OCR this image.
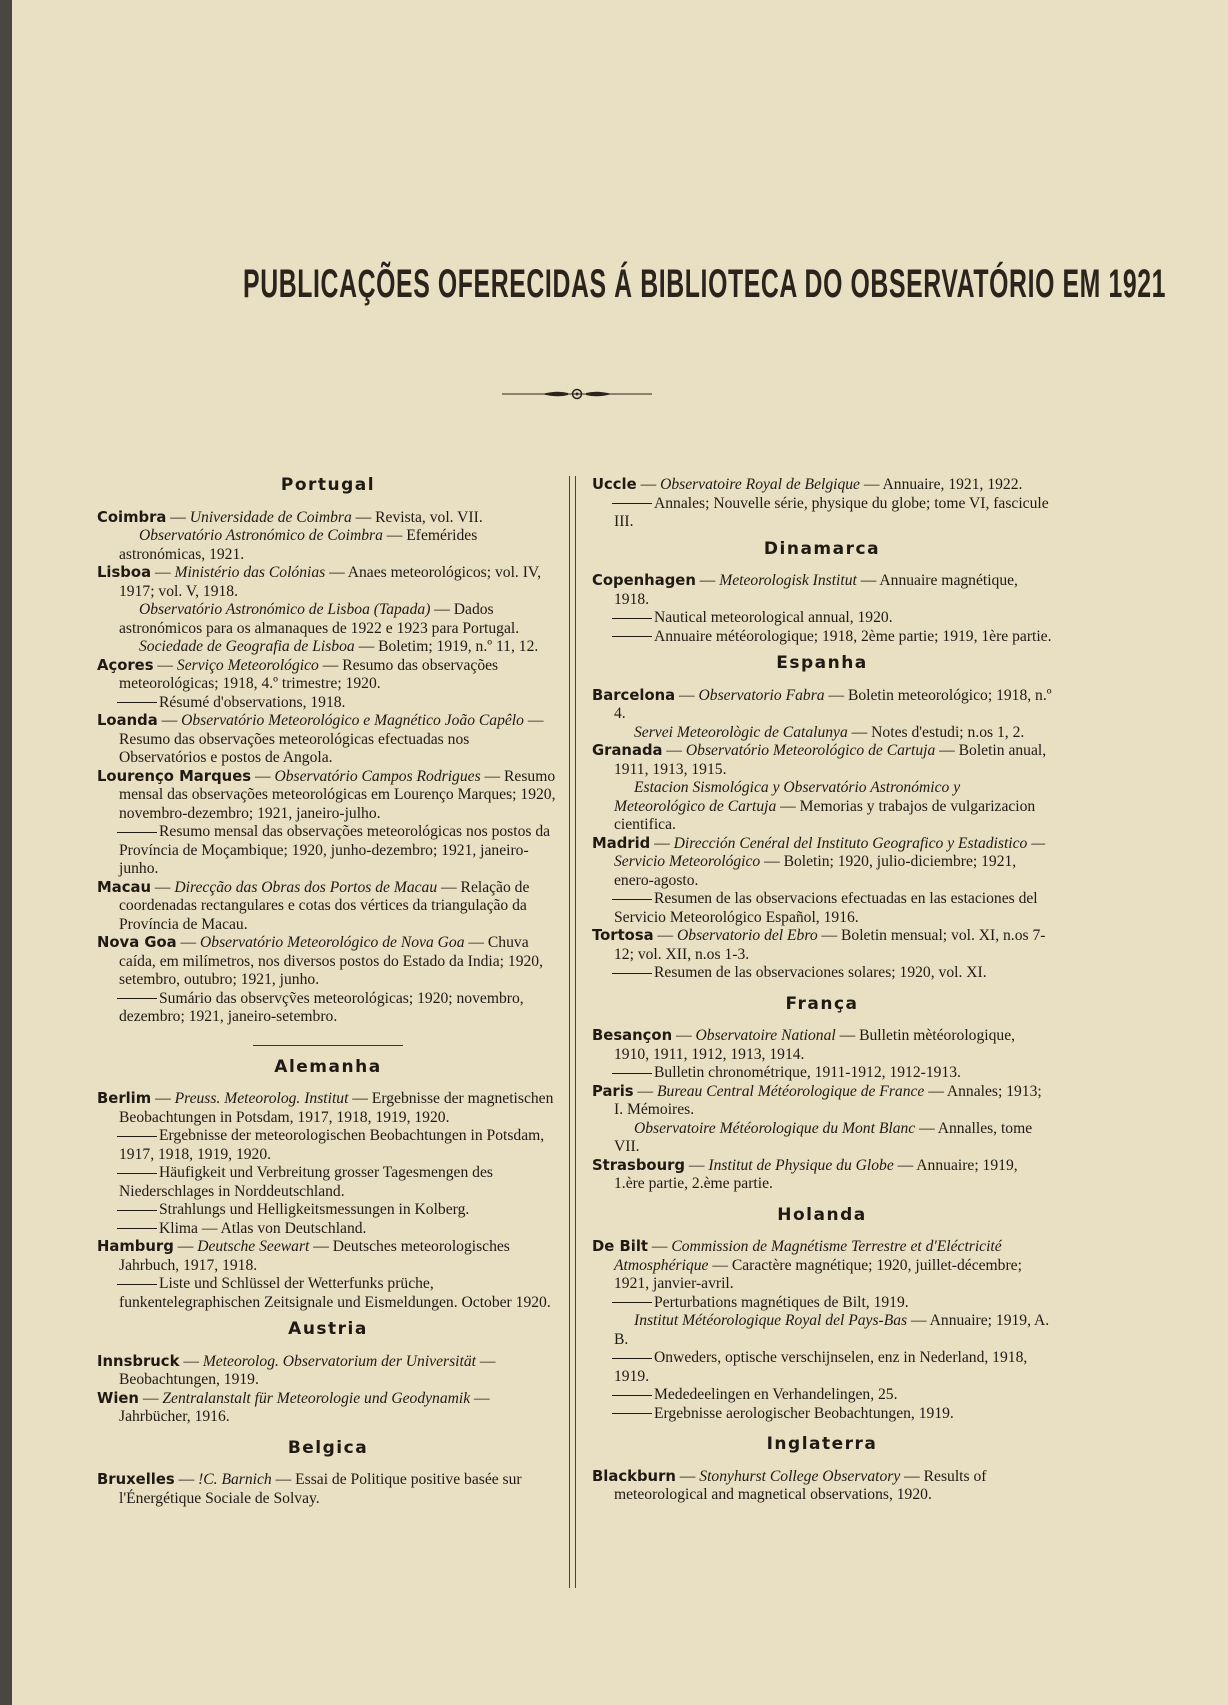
PUBLICAÇÕES OFERECIDAS Á BIBLIOTECA DO OBSERVATÓRIO EM 1921
Portugal

Coimbra — Universidade de Coimbra — Revista, vol. VII.

Observatório Astronómico de Coimbra — Efemérides astronómicas, 1921.

Lisboa — Ministério das Colónias — Anaes meteorológicos; vol. IV, 1917; vol. V, 1918.

Observatório Astronómico de Lisboa (Tapada) — Dados astronómicos para os almanaques de 1922 e 1923 para Portugal.

Sociedade de Geografia de Lisboa — Boletim; 1919, n.º 11, 12.

Açores — Serviço Meteorológico — Resumo das observações meteorológicas; 1918, 4.º trimestre; 1920.

Résumé d'observations, 1918.

Loanda — Observatório Meteorológico e Magnético João Capêlo — Resumo das observações meteorológicas efectuadas nos Observatórios e postos de Angola.

Lourenço Marques — Observatório Campos Rodrigues — Resumo mensal das observações meteorológicas em Lourenço Marques; 1920, novembro-dezembro; 1921, janeiro-julho.

Resumo mensal das observações meteorológicas nos postos da Província de Moçambique; 1920, junho-dezembro; 1921, janeiro-junho.

Macau — Direcção das Obras dos Portos de Macau — Relação de coordenadas rectangulares e cotas dos vértices da triangulação da Província de Macau.

Nova Goa — Observatório Meteorológico de Nova Goa — Chuva caída, em milímetros, nos diversos postos do Estado da India; 1920, setembro, outubro; 1921, junho.

Sumário das observçṽes meteorológicas; 1920; novembro, dezembro; 1921, janeiro-setembro.

Alemanha

Berlim — Preuss. Meteorolog. Institut — Ergebnisse der magnetischen Beobachtungen in Potsdam, 1917, 1918, 1919, 1920.

Ergebnisse der meteorologischen Beobachtungen in Potsdam, 1917, 1918, 1919, 1920.

Häufigkeit und Verbreitung grosser Tagesmengen des Niederschlages in Norddeutschland.

Strahlungs und Helligkeitsmessungen in Kolberg.

Klima — Atlas von Deutschland.

Hamburg — Deutsche Seewart — Deutsches meteorologisches Jahrbuch, 1917, 1918.

Liste und Schlüssel der Wetterfunks prüche, funkentelegraphischen Zeitsignale und Eismeldungen. October 1920.

Austria

Innsbruck — Meteorolog. Observatorium der Universität — Beobachtungen, 1919.

Wien — Zentralanstalt für Meteorologie und Geodynamik — Jahrbücher, 1916.

Belgica

Bruxelles — !C. Barnich — Essai de Politique positive basée sur l'Énergétique Sociale de Solvay.

Uccle — Observatoire Royal de Belgique — Annuaire, 1921, 1922.

Annales; Nouvelle série, physique du globe; tome VI, fascicule III.

Dinamarca

Copenhagen — Meteorologisk Institut — Annuaire magnétique, 1918.

Nautical meteorological annual, 1920.

Annuaire météorologique; 1918, 2ème partie; 1919, 1ère partie.

Espanha

Barcelona — Observatorio Fabra — Boletin meteorológico; 1918, n.º 4.

Servei Meteorològic de Catalunya — Notes d'estudi; n.os 1, 2.

Granada — Observatório Meteorológico de Cartuja — Boletin anual, 1911, 1913, 1915.

Estacion Sismológica y Observatório Astronómico y Meteorológico de Cartuja — Memorias y trabajos de vulgarizacion cientifica.

Madrid — Dirección Cenéral del Instituto Geografico y Estadistico — Servicio Meteorológico — Boletin; 1920, julio-diciembre; 1921, enero-agosto.

Resumen de las observacions efectuadas en las estaciones del Servicio Meteorológico Español, 1916.

Tortosa — Observatorio del Ebro — Boletin mensual; vol. XI, n.os 7-12; vol. XII, n.os 1-3.

Resumen de las observaciones solares; 1920, vol. XI.

França

Besançon — Observatoire National — Bulletin mètéorologique, 1910, 1911, 1912, 1913, 1914.

Bulletin chronométrique, 1911-1912, 1912-1913.

Paris — Bureau Central Météorologique de France — Annales; 1913; I. Mémoires.

Observatoire Météorologique du Mont Blanc — Annalles, tome VII.

Strasbourg — Institut de Physique du Globe — Annuaire; 1919, 1.ère partie, 2.ème partie.

Holanda

De Bilt — Commission de Magnétisme Terrestre et d'Eléctricité Atmosphérique — Caractère magnétique; 1920, juillet-décembre; 1921, janvier-avril.

Perturbations magnétiques de Bilt, 1919.

Institut Météorologique Royal del Pays-Bas — Annuaire; 1919, A. B.

Onweders, optische verschijnselen, enz in Nederland, 1918, 1919.

Mededeelingen en Verhandelingen, 25.

Ergebnisse aerologischer Beobachtungen, 1919.

Inglaterra

Blackburn — Stonyhurst College Observatory — Results of meteorological and magnetical observations, 1920.
